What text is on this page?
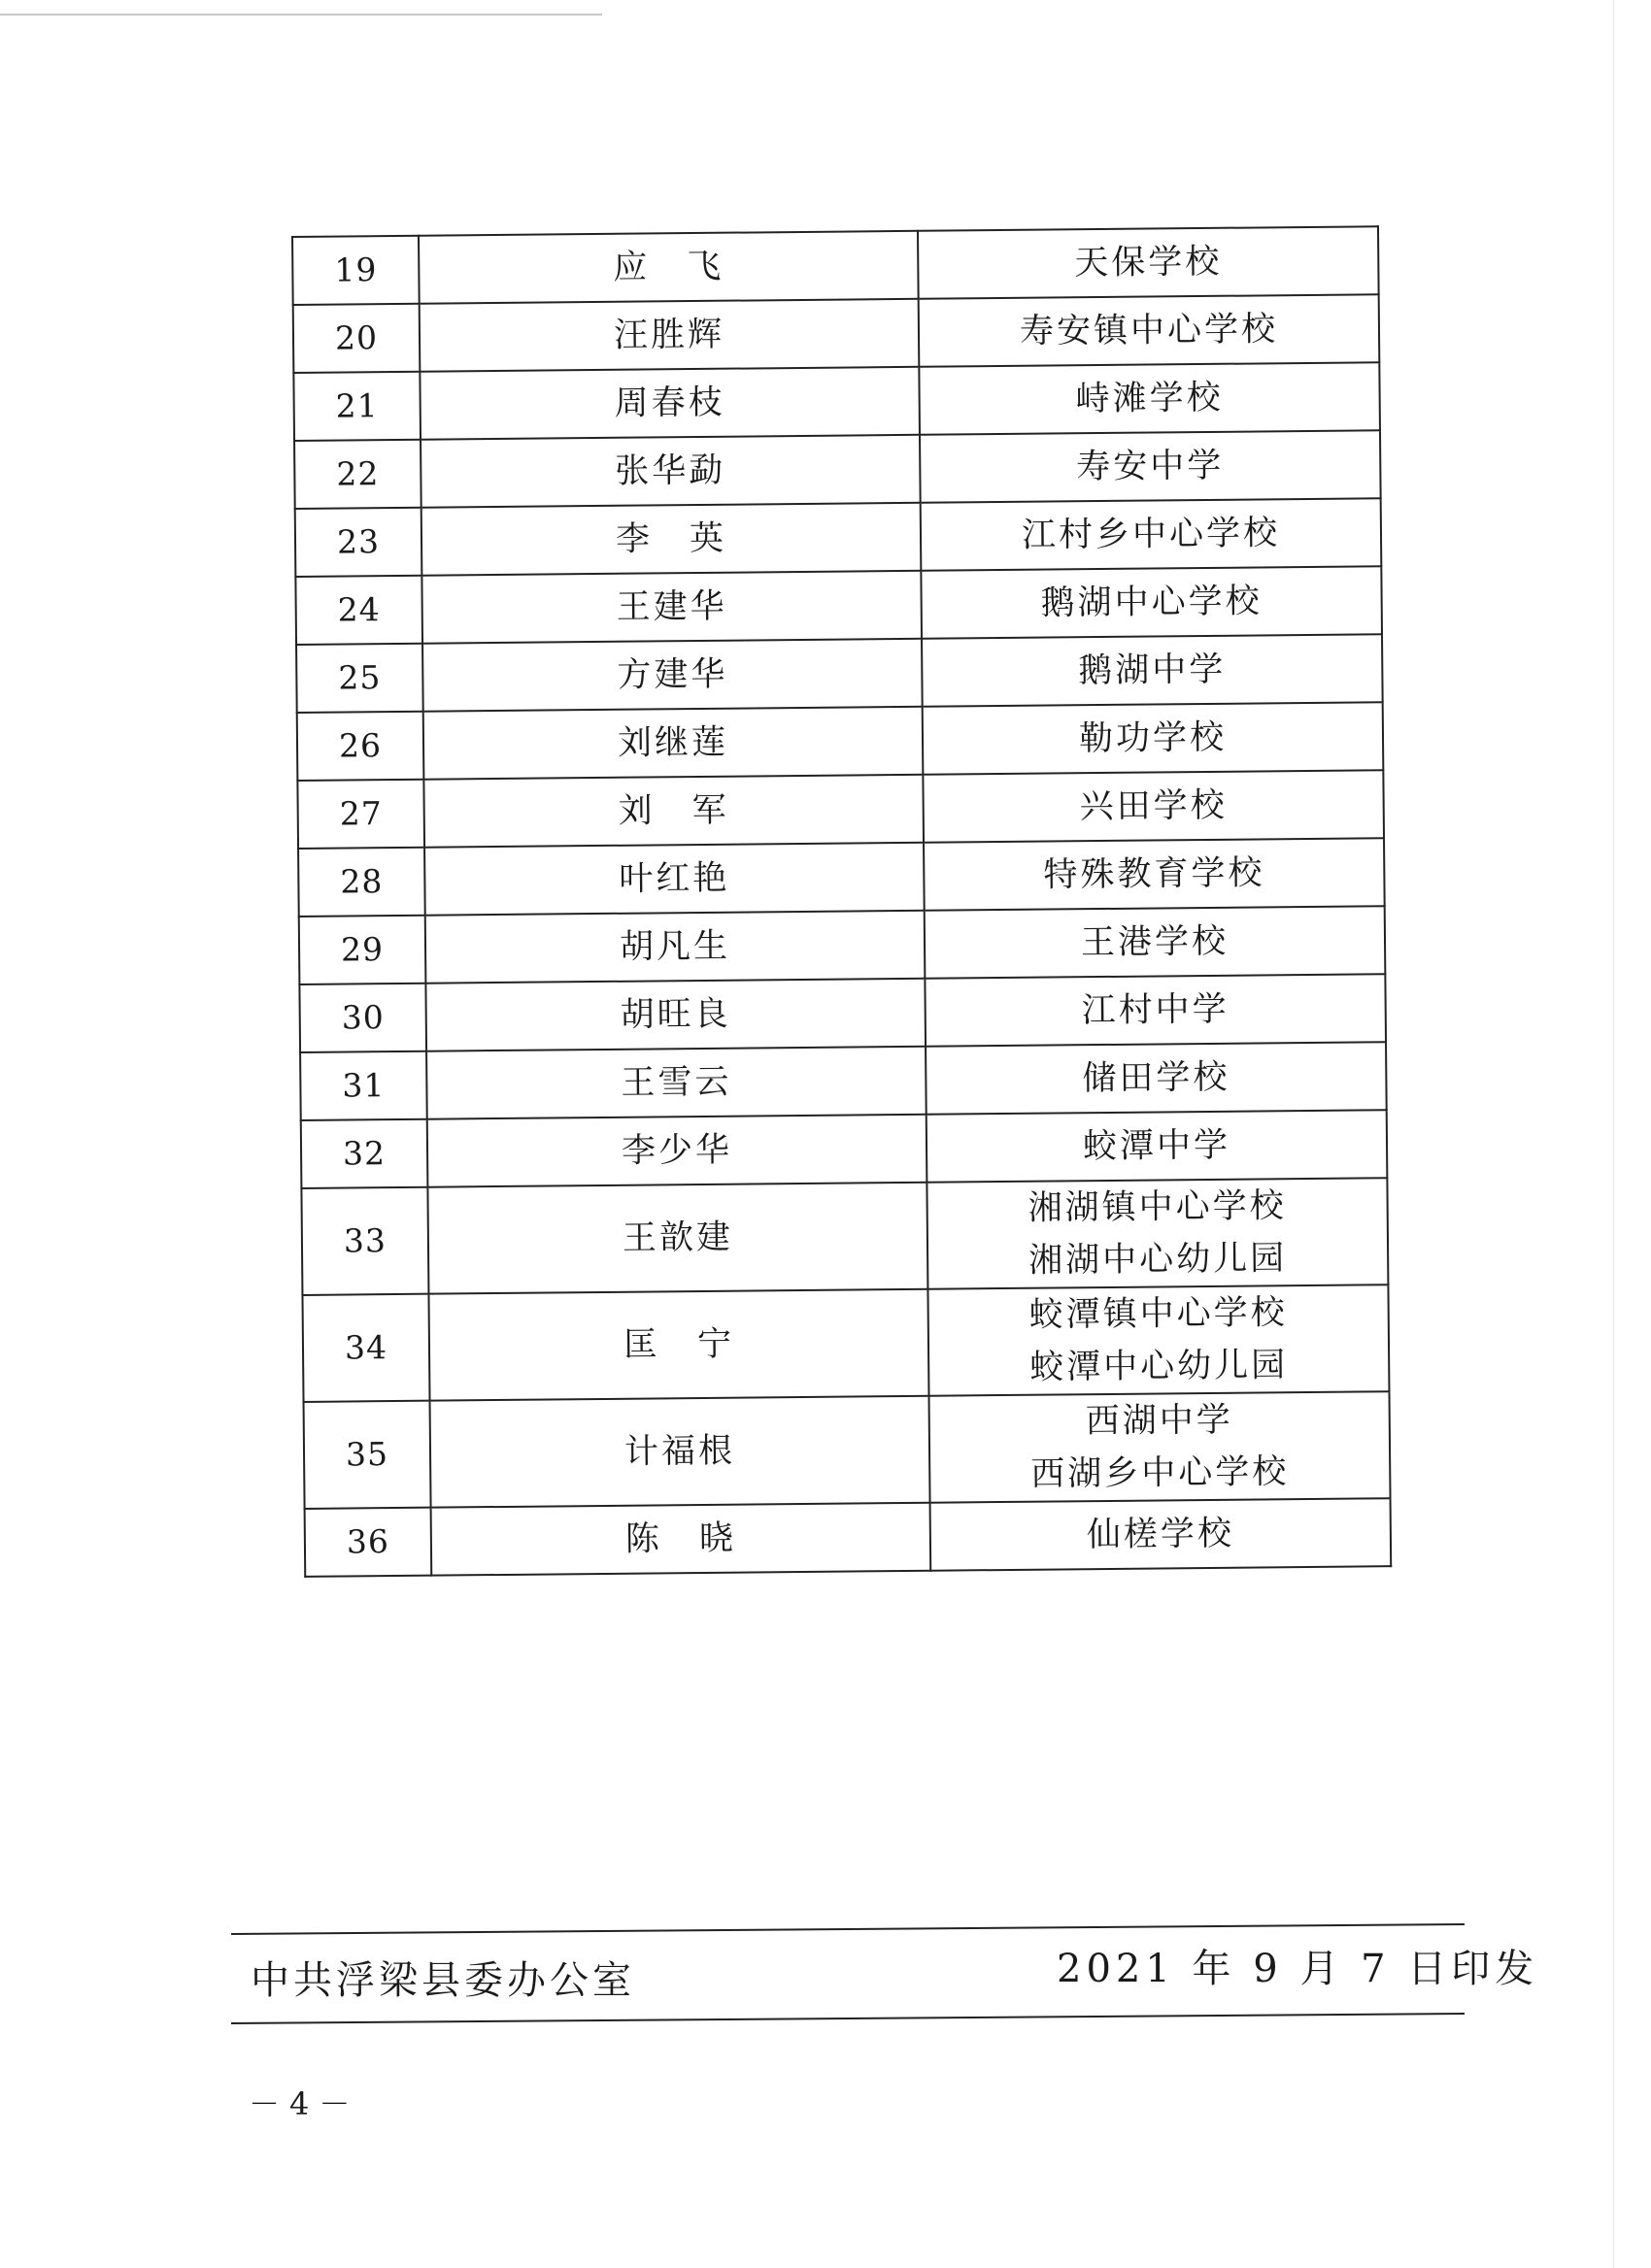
19	应　飞	天保学校

20	汪胜辉	寿安镇中心学校

21	周春枝	峙滩学校

22	张华勐	寿安中学

23	李　英	江村乡中心学校

24	王建华	鹅湖中心学校

25	方建华	鹅湖中学

26	刘继莲	勒功学校

27	刘　军	兴田学校

28	叶红艳	特殊教育学校

29	胡凡生	王港学校

30	胡旺良	江村中学

31	王雪云	储田学校

32	李少华	蛟潭中学

33	王歆建	湘湖镇中心学校
湘湖中心幼儿园

34	匡　宁	蛟潭镇中心学校
蛟潭中心幼儿园

35	计福根	西湖中学
西湖乡中心学校

36	陈　晓	仙槎学校
中共浮梁县委办公室	2021 年 9 月 7 日印发
－4－
